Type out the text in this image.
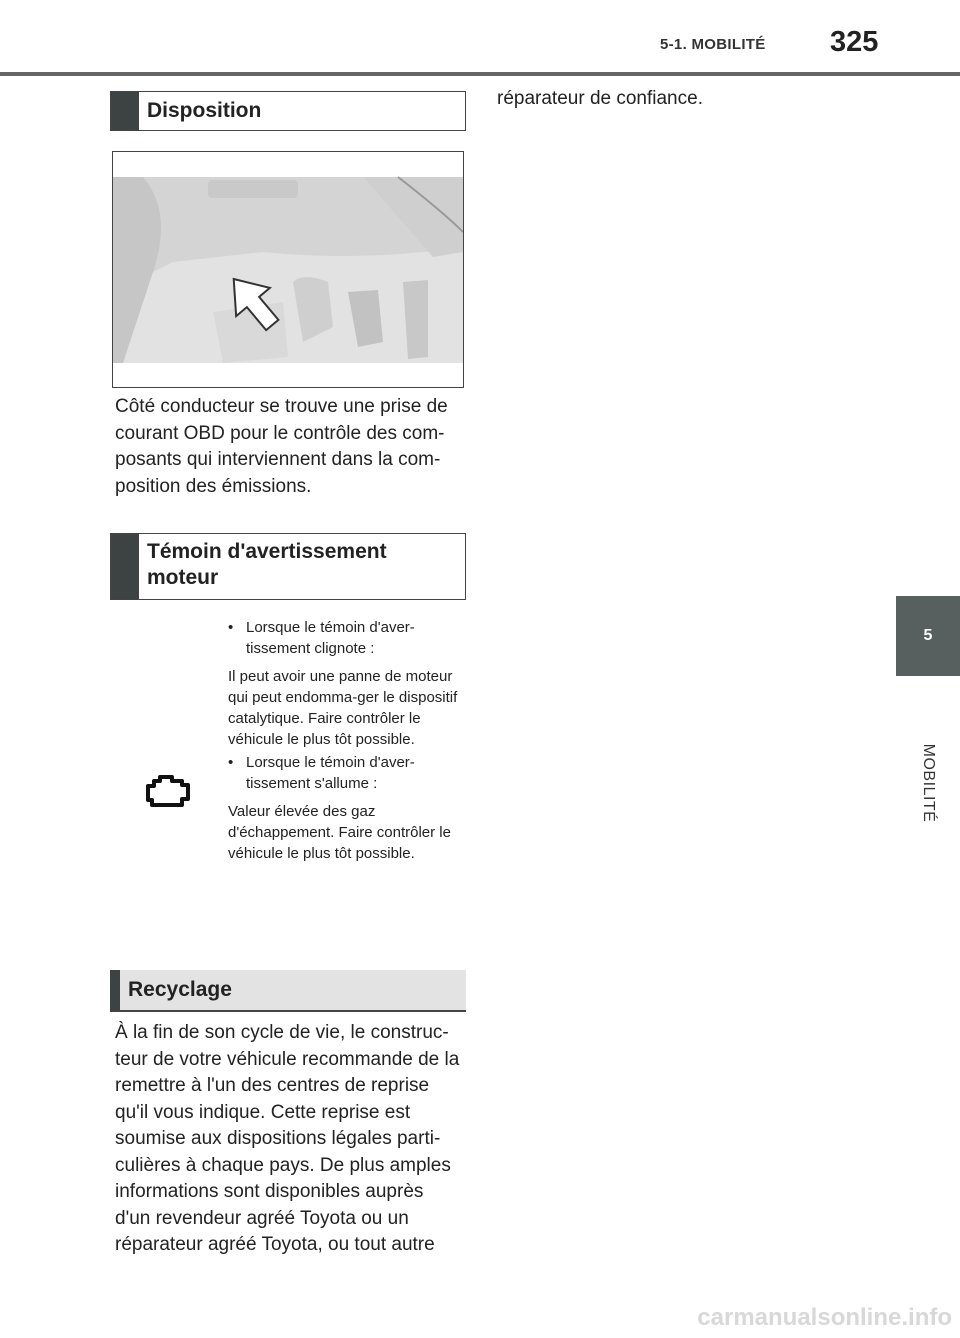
5-1. MOBILITÉ 325
5
MOBILITÉ
Disposition

Côté conducteur se trouve une prise de courant OBD pour le contrôle des com-posants qui interviennent dans la com-position des émissions.

Témoin d'avertissement moteur
• Lorsque le témoin d'aver-
tissement clignote :

Il peut avoir une panne de moteur qui peut endomma-ger le dispositif catalytique. Faire contrôler le véhicule le plus tôt possible.

• Lorsque le témoin d'aver-
tissement s'allume :

Valeur élevée des gaz d'échappement. Faire contrôler le véhicule le plus tôt possible.

Recyclage

À la fin de son cycle de vie, le construc-teur de votre véhicule recommande de la remettre à l'un des centres de reprise qu'il vous indique. Cette reprise est soumise aux dispositions légales parti-culières à chaque pays. De plus amples informations sont disponibles auprès d'un revendeur agréé Toyota ou un réparateur agréé Toyota, ou tout autre

réparateur de confiance.

carmanualsonline.info
